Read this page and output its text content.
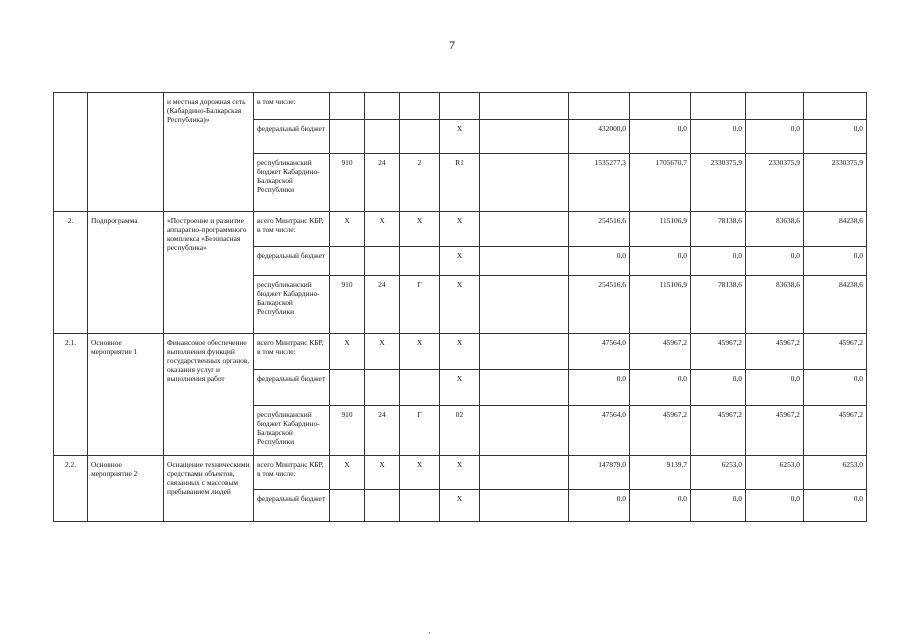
7
		и местная дорожная сеть (Кабардино-Балкарская Республика)»	в том числе:										
			федеральный бюджет				Х		432000,0	0,0	0,0	0,0	0,0
			республиканский бюджет Кабардино-Балкарской Республики	910	24	2	R1		1535277,3	1705670,7	2330375,9	2330375,9	2330375,9
2.	Подпрограмма	«Построение и развитие аппаратно-программного комплекса «Безопасная республика»	всего Минтранс КБР, в том числе:	Х	Х	Х	Х		254516,6	115106,9	78138,6	83638,6	84238,6
			федеральный бюджет				Х		0,0	0,0	0,0	0,0	0,0
			республиканский бюджет Кабардино-Балкарской Республики	910	24	Г	Х		254516,6	115106,9	78138,6	83638,6	84238,6
2.1.	Основное мероприятие 1	Финансовое обеспечение выполнения функций государственных органов, оказания услуг и выполнения работ	всего Минтранс КБР, в том числе:	Х	Х	Х	Х		47564,0	45967,2	45967,2	45967,2	45967,2
			федеральный бюджет				Х		0,0	0,0	0,0	0,0	0,0
			республиканский бюджет Кабардино-Балкарской Республики	910	24	Г	02		47564,0	45967,2	45967,2	45967,2	45967,2
2.2.	Основное мероприятие 2	Оснащение техническими средствами объектов, связанных с массовым пребыванием людей	всего Минтранс КБР, в том числе:	Х	Х	Х	Х		147879,0	9139,7	6253,0	6253,0	6253,0
			федеральный бюджет				Х		0,0	0,0	0,0	0,0	0,0
·
